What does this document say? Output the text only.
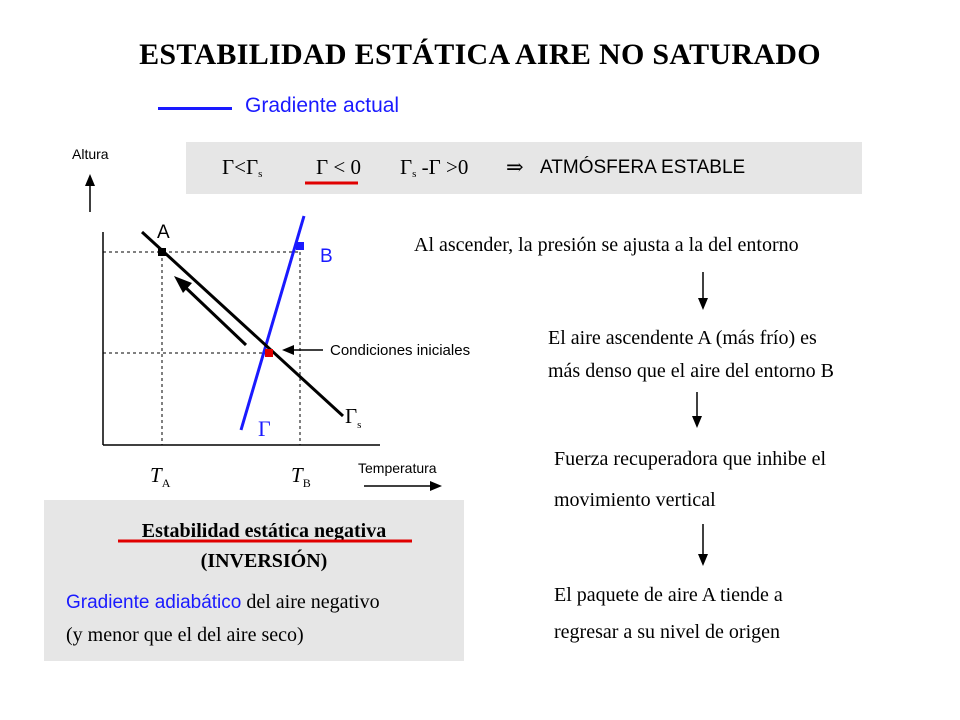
ESTABILIDAD ESTÁTICA AIRE NO SATURADO
Gradiente actual
$\Gamma<\Gamma_s$	Γ < 0 $\Gamma_s$ -Γ >0 ⇒ ATMÓSFERA ESTABLE
Altura
Temperatura
A
B
Condiciones iniciales
Γ	$\Gamma_s$
$T_A$	$T_B$
Al ascender, la presión se ajusta a la del entorno
El aire ascendente A (más frío) es
más denso que el aire del entorno B
Fuerza recuperadora que inhibe el
movimiento vertical
El paquete de aire A tiende a
regresar a su nivel de origen
Estabilidad estática negativa
(INVERSIÓN)
Gradiente adiabático del aire negativo
(y menor que el del aire seco)
